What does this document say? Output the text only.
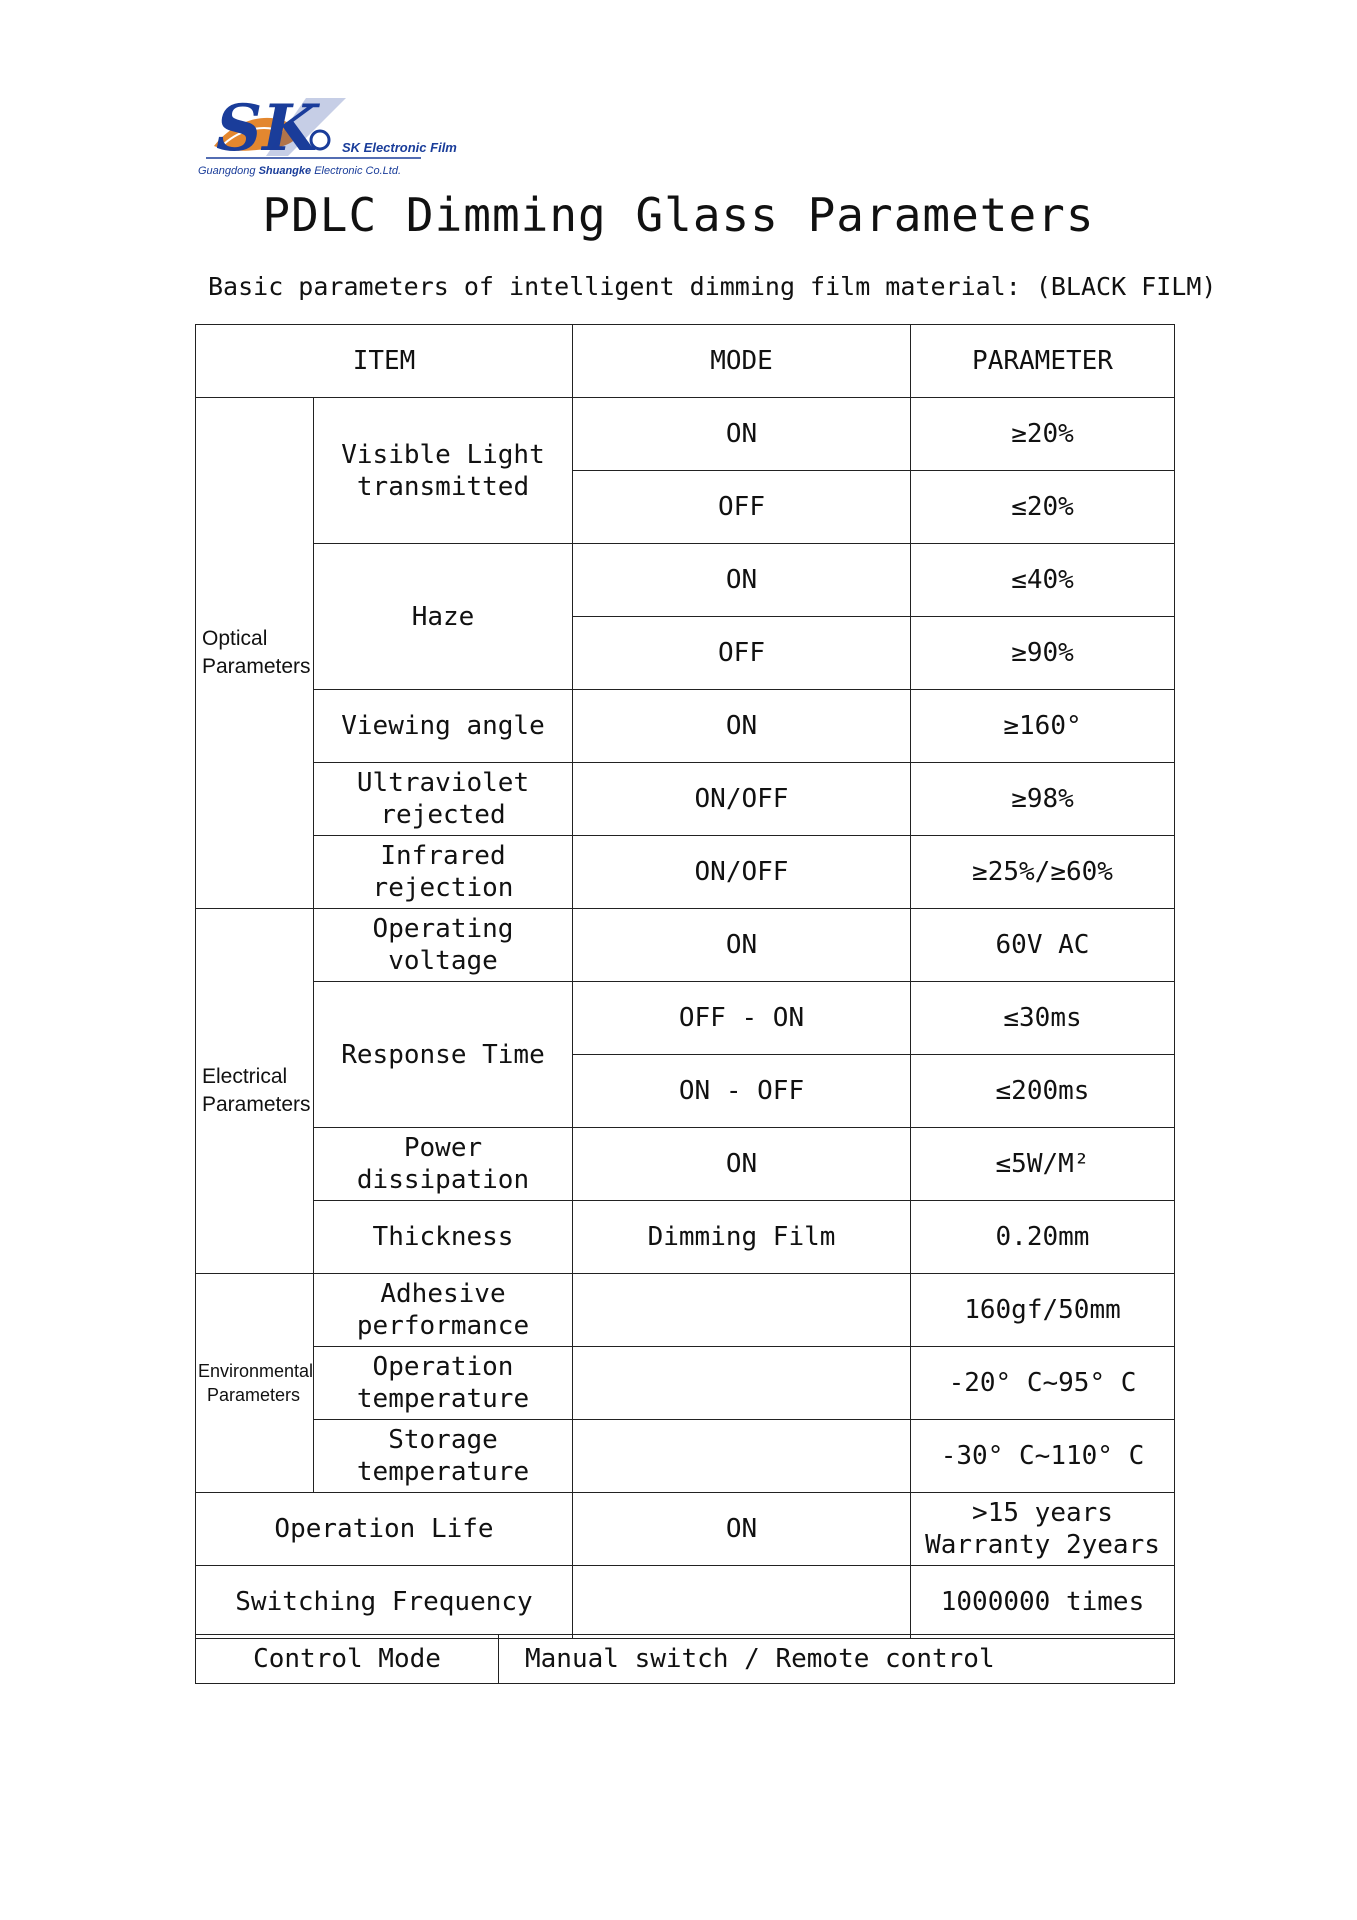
SK SK Electronic Film
Guangdong Shuangke Electronic Co.Ltd.
PDLC Dimming Glass Parameters
Basic parameters of intelligent dimming film material: (BLACK FILM)
ITEM		MODE	PARAMETER
Optical Parameters	Visible Light transmitted	ON	≥20%
		OFF	≤20%
	Haze	ON	≤40%
		OFF	≥90%
	Viewing angle	ON	≥160°
	Ultraviolet rejected	ON/OFF	≥98%
	Infrared rejection	ON/OFF	≥25%/≥60%
Electrical Parameters	Operating voltage	ON	60V AC
	Response Time	OFF - ON	≤30ms
		ON - OFF	≤200ms
	Power dissipation	ON	≤5W/M²
	Thickness	Dimming Film	0.20mm
Environmental Parameters	Adhesive performance		160gf/50mm
	Operation temperature		-20° C~95° C
	Storage temperature		-30° C~110° C
Operation Life		ON	>15 years
Warranty 2years

Switching Frequency			1000000 times
Control Mode	Manual switch / Remote control
